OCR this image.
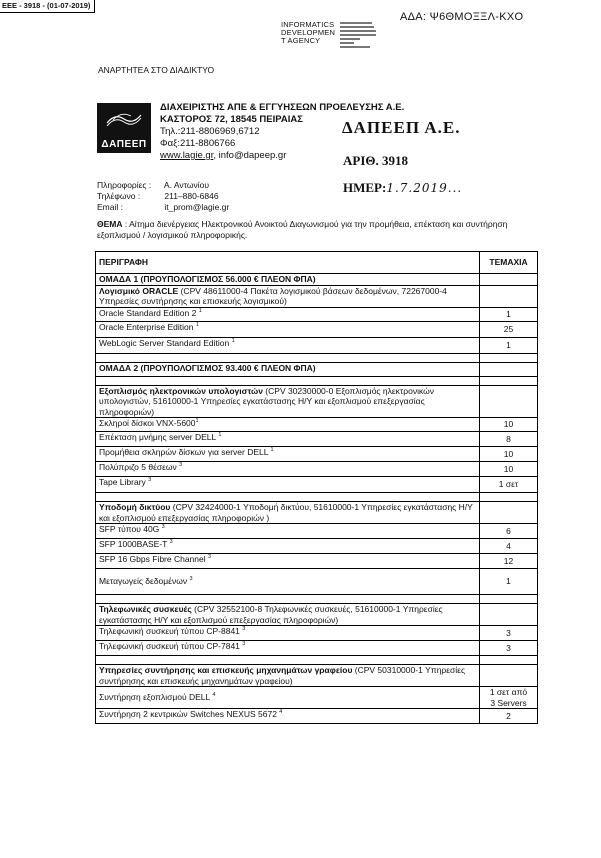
ΕΕΕ - 3918 - (01-07-2019)
ΑΔΑ: Ψ6ΘΜΟΞΞΛ-ΚΧΟ
INFORMATICS
DEVELOPMEN
T AGENCY
ΑΝΑΡΤΗΤΕΑ ΣΤΟ ΔΙΑΔΙΚΤΥΟ
ΔΑΠΕΕΠ
ΔΙΑΧΕΙΡΙΣΤΗΣ ΑΠΕ & ΕΓΓΥΗΣΕΩΝ ΠΡΟΕΛΕΥΣΗΣ Α.Ε.
ΚΑΣΤΟΡΟΣ 72, 18545 ΠΕΙΡΑΙΑΣ
Τηλ.:211-8806969,6712
Φαξ:211-8806766
www.lagie.gr, info@dapeep.gr
ΔΑΠΕΕΠ Α.Ε.
ΑΡΙΘ. 3918
ΗΜΕΡ:1.7.2019...
Πληροφορίες : Α. Αντωνίου
Τηλέφωνο :	211–880-6846
Email :	it_prom@lagie.gr
ΘΕΜΑ : Αίτημα διενέργειας Ηλεκτρονικού Ανοικτού Διαγωνισμού για την προμήθεια, επέκταση και συντήρηση εξοπλισμού / λογισμικού πληροφορικής.
ΠΕΡΙΓΡΑΦΗ	ΤΕΜΑΧΙΑ
ΟΜΑΔΑ 1 (ΠΡΟΥΠΟΛΟΓΙΣΜΟΣ 56.000 € ΠΛΕΟΝ ΦΠΑ)	
Λογισμικό ORACLE (CPV 48611000-4 Πακέτα λογισμικού βάσεων δεδομένων, 72267000-4 Υπηρεσίες συντήρησης και επισκευής λογισμικού)	
Oracle Standard Edition 2 $^1$	1
Oracle Enterprise Edition $^1$	25
WebLogic Server Standard Edition $^1$	1

ΟΜΑΔΑ 2 (ΠΡΟΥΠΟΛΟΓΙΣΜΟΣ 93.400 € ΠΛΕΟΝ ΦΠΑ)	

Εξοπλισμός ηλεκτρονικών υπολογιστών (CPV 30230000-0 Εξοπλισμός ηλεκτρονικών υπολογιστών, 51610000-1 Υπηρεσίες εγκατάστασης Η/Υ και εξοπλισμού επεξεργασίας πληροφοριών)	
Σκληροί δίσκοι VNX-5600$^1$	10
Επέκταση μνήμης server DELL $^1$	8
Προμήθεια σκληρών δίσκων για server DELL $^1$	10
Πολύπριζο 5 θέσεων $^3$	10
Tape Library $^3$	1 σετ

Υποδομή δικτύου (CPV 32424000-1 Υποδομή δικτύου, 51610000-1 Υπηρεσίες εγκατάστασης Η/Υ και εξοπλισμού επεξεργασίας πληροφοριών )	
SFP τύπου 40G $^3$	6
SFP 1000BASE-T $^3$	4
SFP 16 Gbps Fibre Channel $^3$	12
Μεταγωγείς δεδομένων $^3$	1

Τηλεφωνικές συσκευές (CPV 32552100-8 Τηλεφωνικές συσκευές, 51610000-1 Υπηρεσίες εγκατάστασης Η/Υ και εξοπλισμού επεξεργασίας πληροφοριών)	
Τηλεφωνική συσκευή τύπου CP-8841 $^3$	3
Τηλεφωνική συσκευή τύπου CP-7841 $^3$	3

Υπηρεσίες συντήρησης και επισκευής μηχανημάτων γραφείου (CPV 50310000-1 Υπηρεσίες συντήρησης και επισκευής μηχανημάτων γραφείου)	
Συντήρηση εξοπλισμού DELL $^4$	1 σετ από
3 Servers

Συντήρηση 2 κεντρικών Switches NEXUS 5672 $^4$	2
